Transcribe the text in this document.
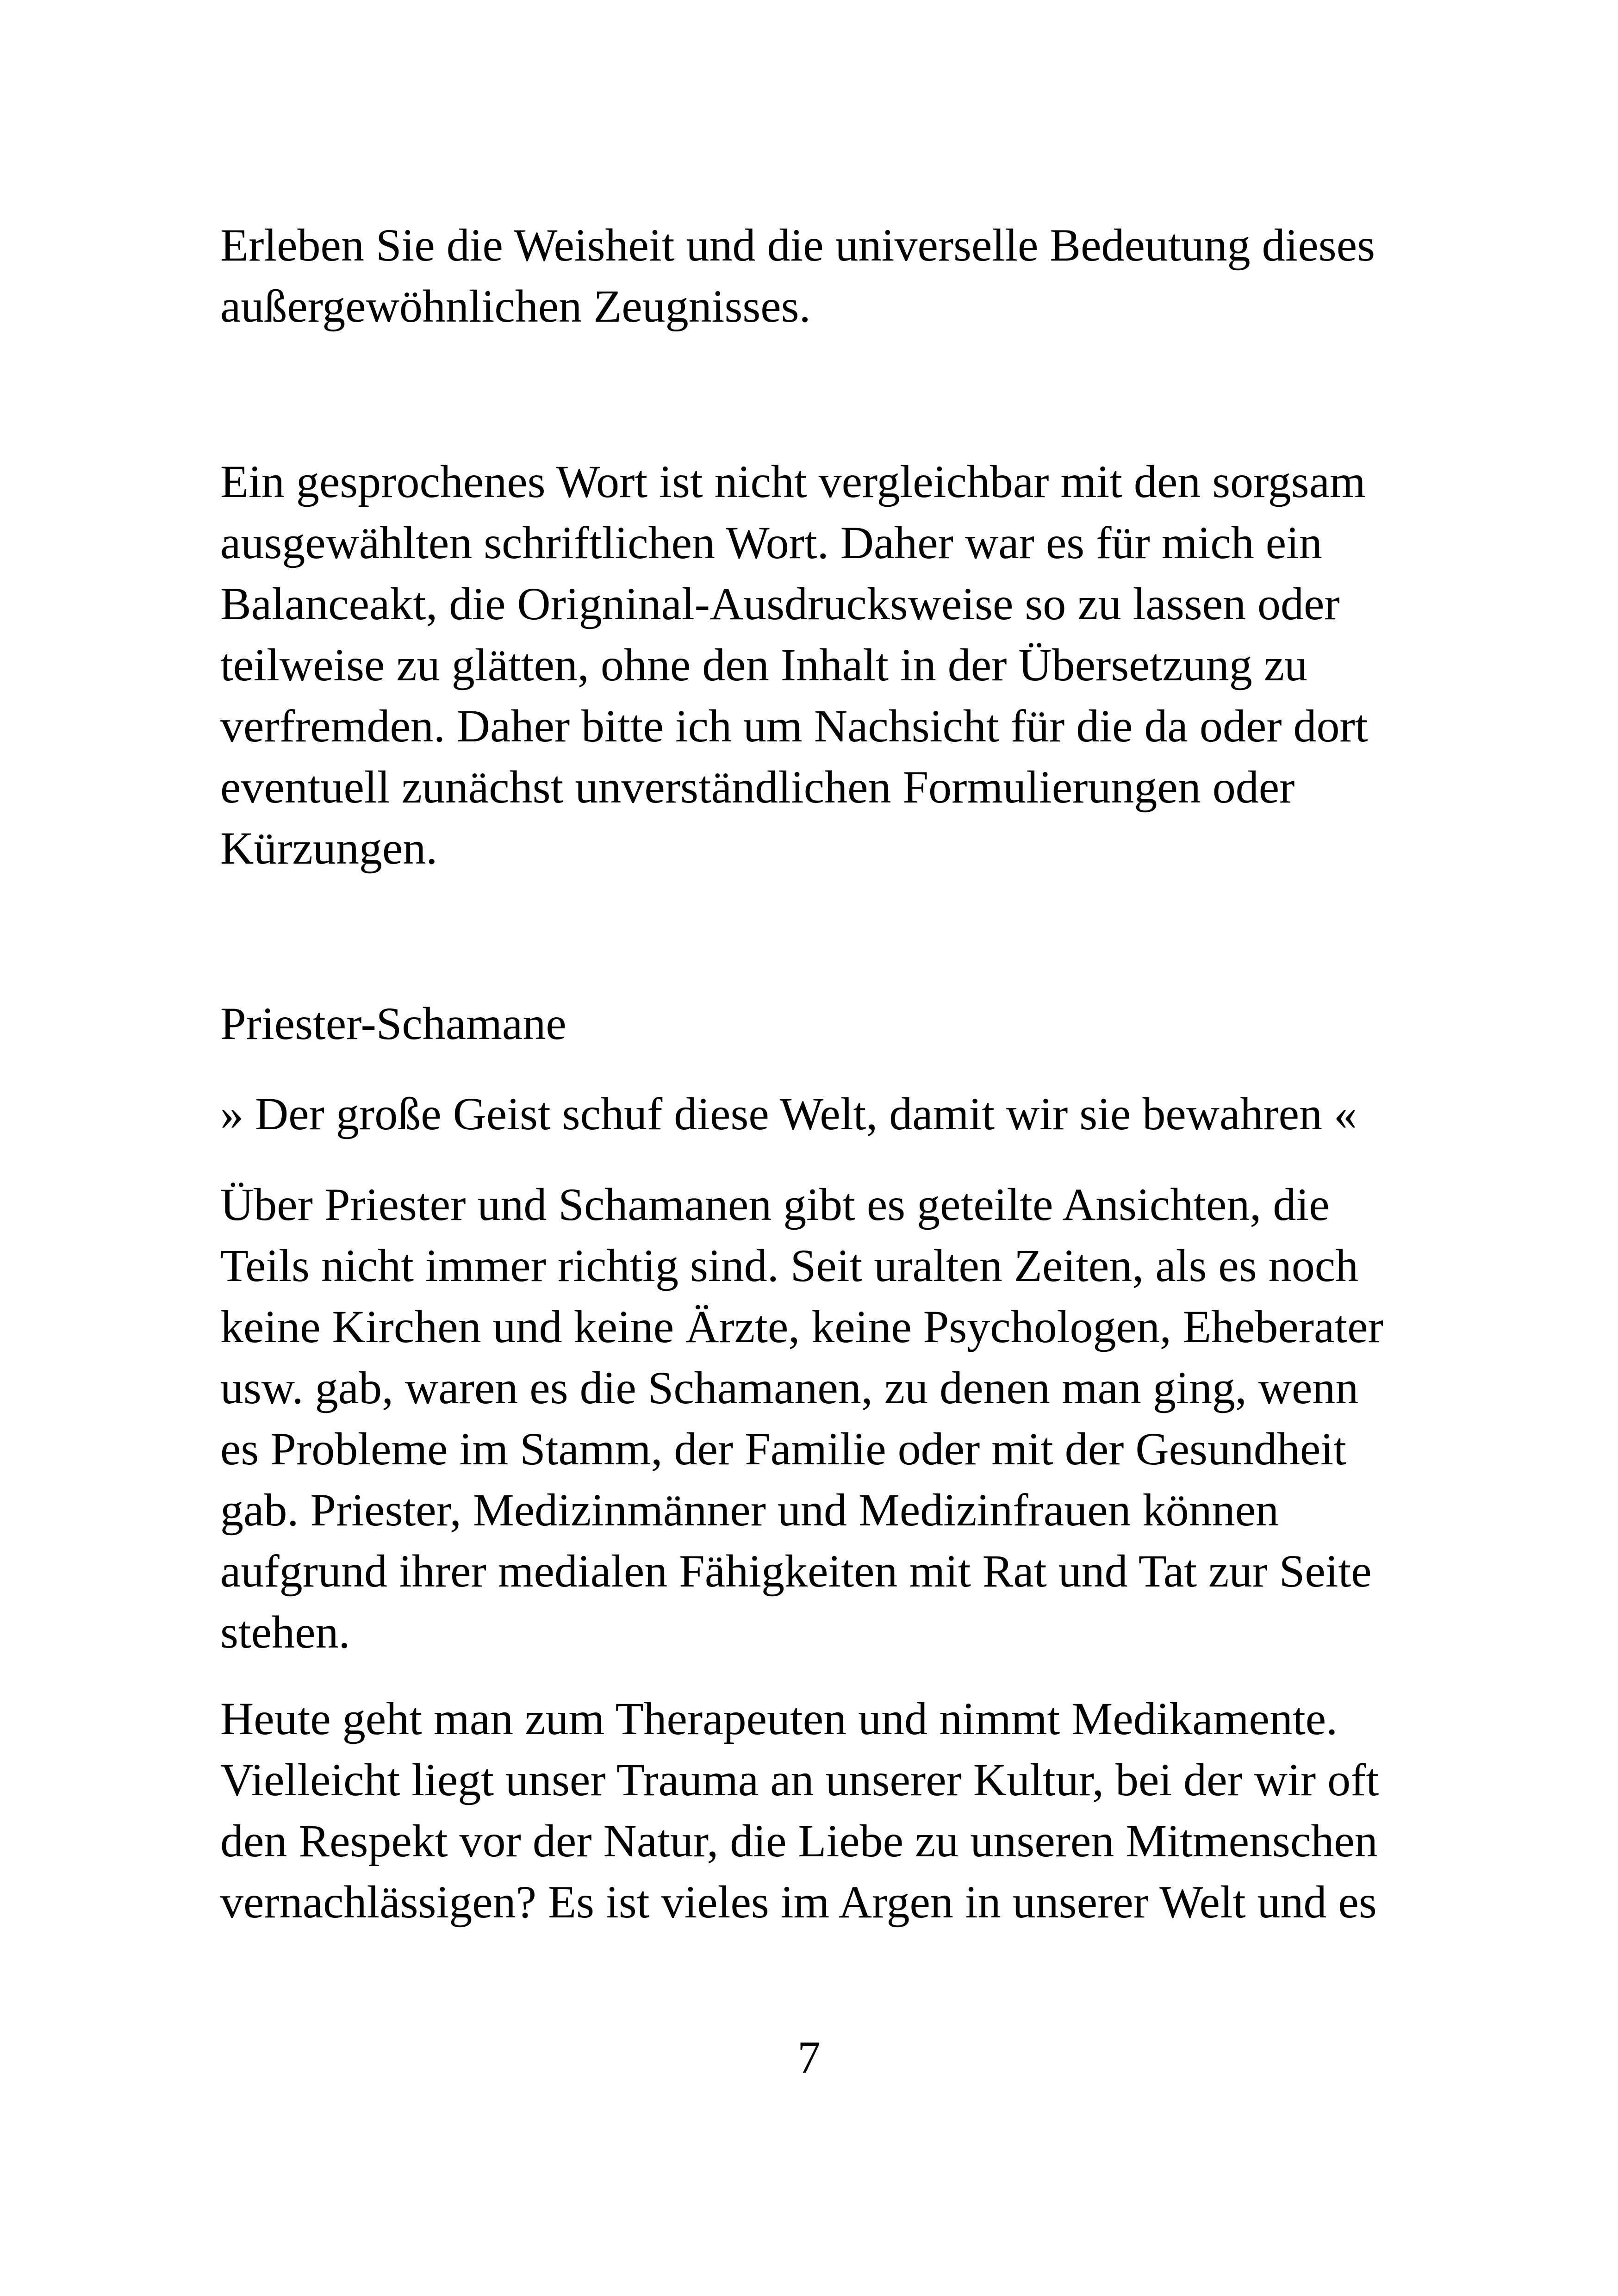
Erleben Sie die Weisheit und die universelle Bedeutung dieses
außergewöhnlichen Zeugnisses.

Ein gesprochenes Wort ist nicht vergleichbar mit den sorgsam
ausgewählten schriftlichen Wort. Daher war es für mich ein
Balanceakt, die Origninal-Ausdrucksweise so zu lassen oder
teilweise zu glätten, ohne den Inhalt in der Übersetzung zu
verfremden. Daher bitte ich um Nachsicht für die da oder dort
eventuell zunächst unverständlichen Formulierungen oder
Kürzungen.

Priester-Schamane

» Der große Geist schuf diese Welt, damit wir sie bewahren «

Über Priester und Schamanen gibt es geteilte Ansichten, die
Teils nicht immer richtig sind. Seit uralten Zeiten, als es noch
keine Kirchen und keine Ärzte, keine Psychologen, Eheberater
usw. gab, waren es die Schamanen, zu denen man ging, wenn
es Probleme im Stamm, der Familie oder mit der Gesundheit
gab. Priester, Medizinmänner und Medizinfrauen können
aufgrund ihrer medialen Fähigkeiten mit Rat und Tat zur Seite
stehen.

Heute geht man zum Therapeuten und nimmt Medikamente.
Vielleicht liegt unser Trauma an unserer Kultur, bei der wir oft
den Respekt vor der Natur, die Liebe zu unseren Mitmenschen
vernachlässigen? Es ist vieles im Argen in unserer Welt und es

7
